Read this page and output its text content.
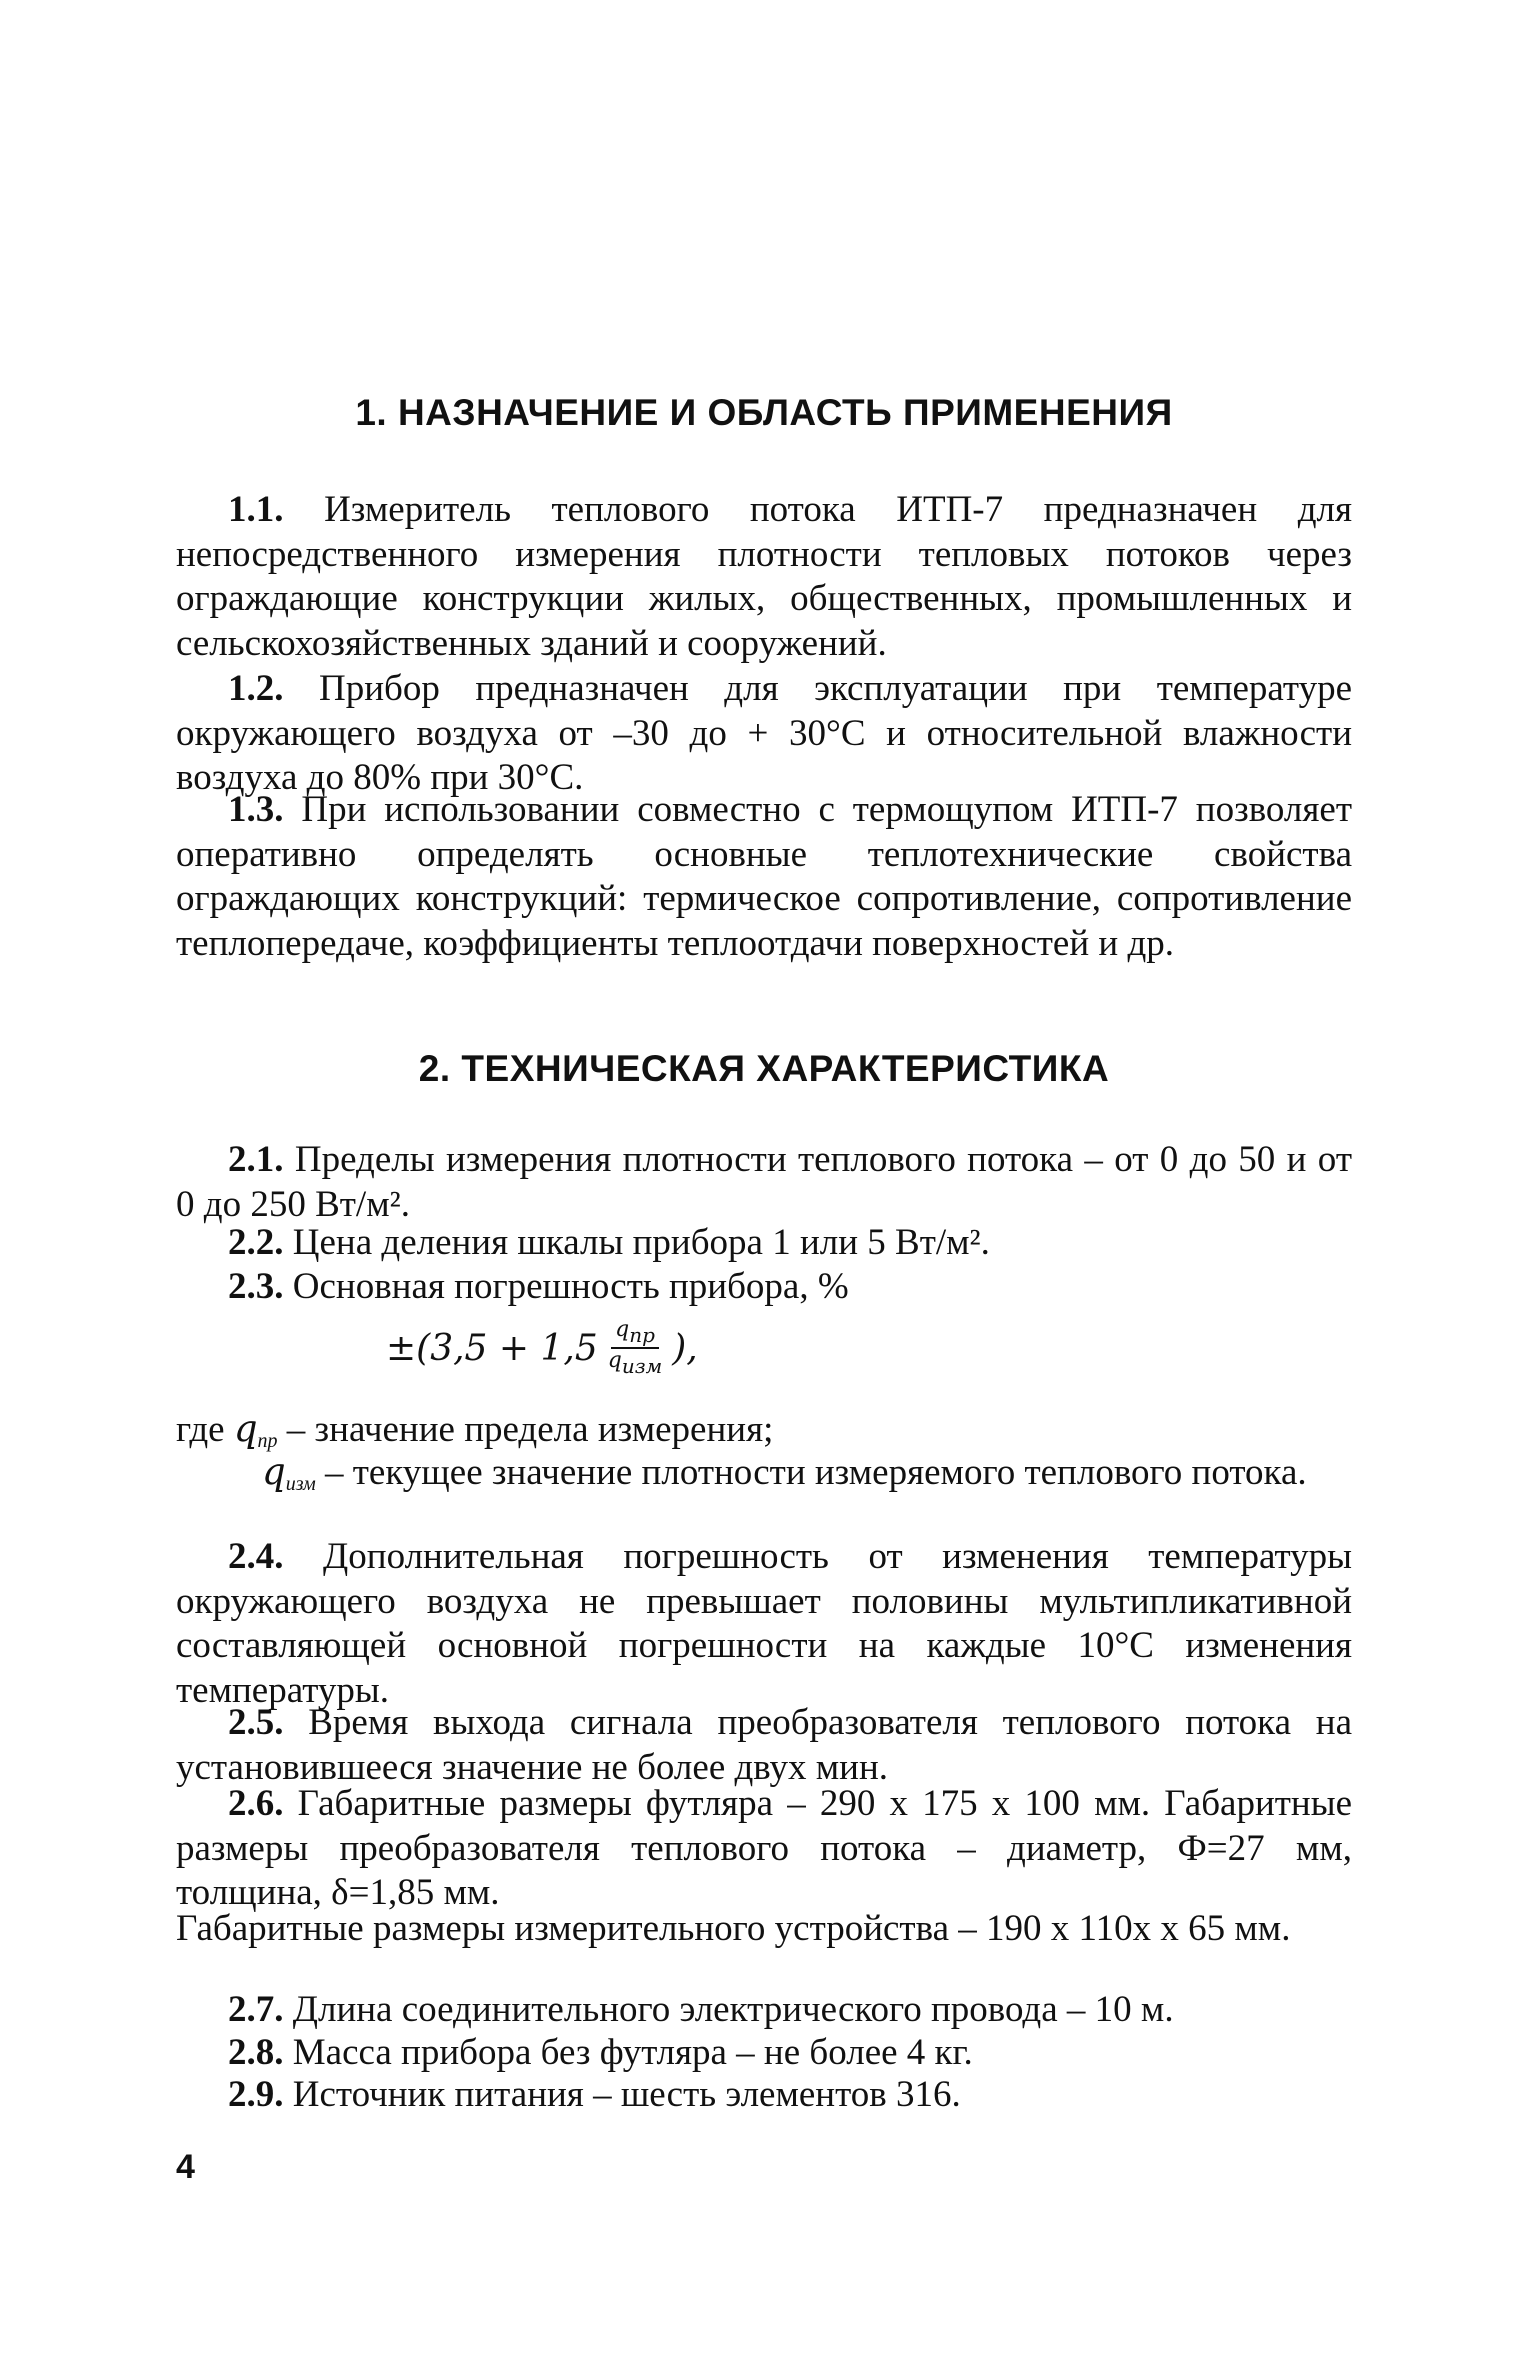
1. НАЗНАЧЕНИЕ И ОБЛАСТЬ ПРИМЕНЕНИЯ

1.1. Измеритель теплового потока ИТП-7 предназначен для непосредственного измерения плотности тепловых потоков через ограждающие конструкции жилых, общественных, промышленных и сельскохозяйственных зданий и сооружений.

1.2. Прибор предназначен для эксплуатации при температуре окружающего воздуха от –30 до + 30°C и относительной влажности воздуха до 80% при 30°С.

1.3. При использовании совместно с термощупом ИТП-7 позволяет оперативно определять основные теплотехнические свойства ограждающих конструкций: термическое сопротивление, сопротивление теплопередаче, коэффициенты теплоотдачи поверхностей и др.

2. ТЕХНИЧЕСКАЯ ХАРАКТЕРИСТИКА

2.1. Пределы измерения плотности теплового потока – от 0 до 50 и от 0 до 250 Вт/м².

2.2. Цена деления шкалы прибора 1 или 5 Вт/м².

2.3. Основная погрешность прибора, %

$\pm(3,5 + 1,5 \frac{\text{qпр}}{\text{qизм}}$ ),

где $q_{пр}$ – значение предела измерения;

$q_{изм}$ – текущее значение плотности измеряемого теплового потока.

2.4. Дополнительная погрешность от изменения температуры окружающего воздуха не превышает половины мультипликативной составляющей основной погрешности на каждые 10°С изменения температуры.

2.5. Время выхода сигнала преобразователя теплового потока на установившееся значение не более двух мин.

2.6. Габаритные размеры футляра – 290 x 175 x 100 мм. Габаритные размеры преобразователя теплового потока – диаметр, Ф=27 мм, толщина, δ=1,85 мм.

Габаритные размеры измерительного устройства – 190 x 110x x 65 мм.

2.7. Длина соединительного электрического провода – 10 м.

2.8. Масса прибора без футляра – не более 4 кг.

2.9. Источник питания – шесть элементов 316.

4
